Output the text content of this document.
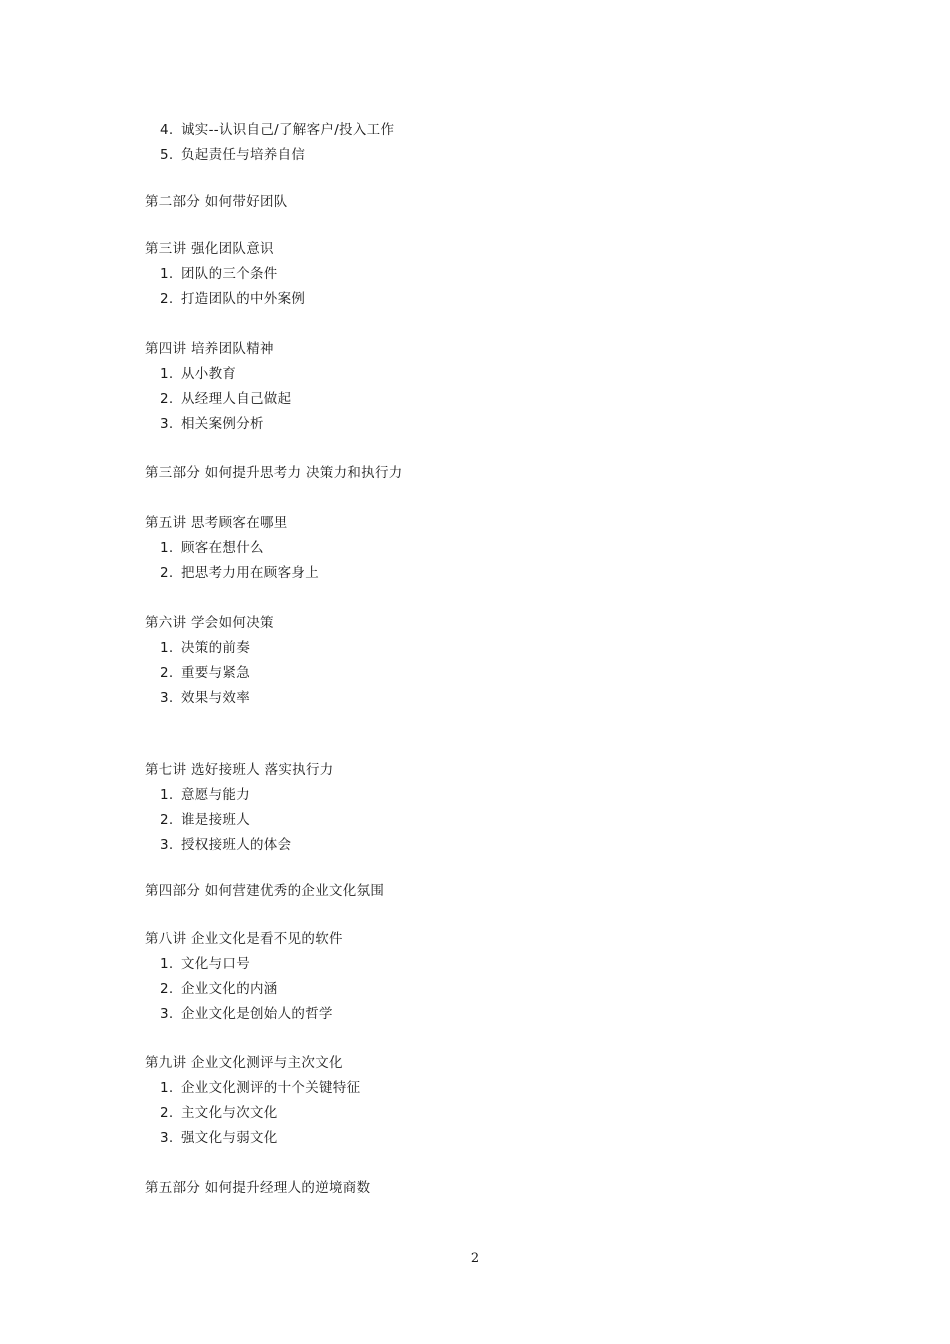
4. 诚实--认识自己/了解客户/投入工作
5. 负起责任与培养自信
第二部分 如何带好团队
第三讲 强化团队意识
1. 团队的三个条件
2. 打造团队的中外案例
第四讲 培养团队精神
1. 从小教育
2. 从经理人自己做起
3. 相关案例分析
第三部分 如何提升思考力 决策力和执行力
第五讲 思考顾客在哪里
1. 顾客在想什么
2. 把思考力用在顾客身上
第六讲 学会如何决策
1. 决策的前奏
2. 重要与紧急
3. 效果与效率
第七讲 选好接班人 落实执行力
1. 意愿与能力
2. 谁是接班人
3. 授权接班人的体会
第四部分 如何营建优秀的企业文化氛围
第八讲 企业文化是看不见的软件
1. 文化与口号
2. 企业文化的内涵
3. 企业文化是创始人的哲学
第九讲 企业文化测评与主次文化
1. 企业文化测评的十个关键特征
2. 主文化与次文化
3. 强文化与弱文化
第五部分 如何提升经理人的逆境商数
2
